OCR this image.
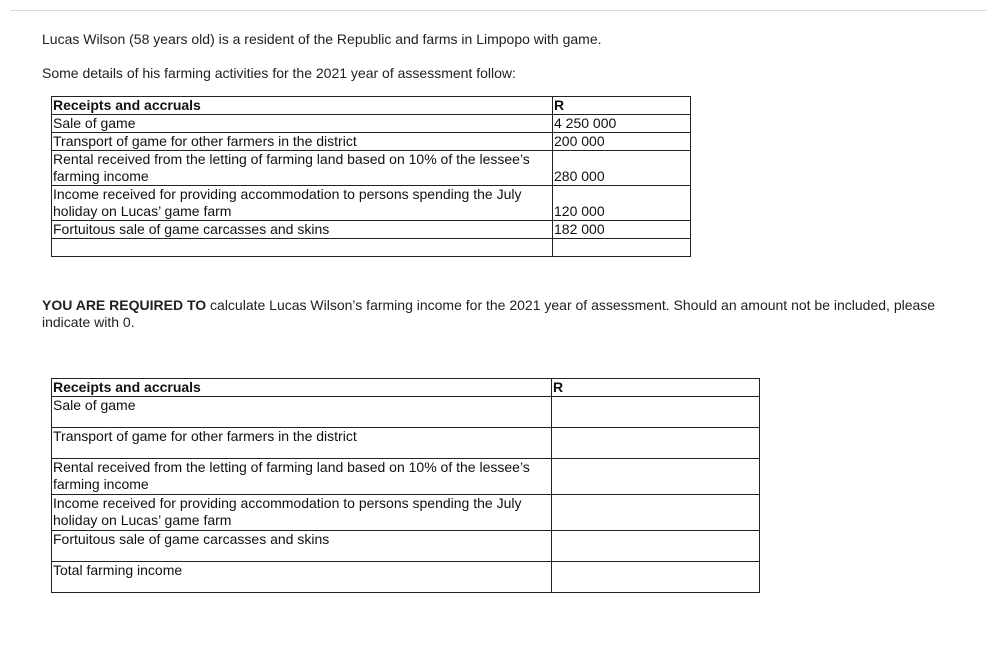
Lucas Wilson (58 years old) is a resident of the Republic and farms in Limpopo with game.

Some details of his farming activities for the 2021 year of assessment follow:

Receipts and accruals	R
Sale of game	4 250 000
Transport of game for other farmers in the district	200 000
Rental received from the letting of farming land based on 10% of the lessee’s farming income	280 000
Income received for providing accommodation to persons spending the July holiday on Lucas’ game farm	120 000
Fortuitous sale of game carcasses and skins	182 000

YOU ARE REQUIRED TO calculate Lucas Wilson’s farming income for the 2021 year of assessment. Should an amount not be included, please indicate with 0.

Receipts and accruals	R
Sale of game	

Transport of game for other farmers in the district	

Rental received from the letting of farming land based on 10% of the lessee’s farming income	

Income received for providing accommodation to persons spending the July holiday on Lucas’ game farm	

Fortuitous sale of game carcasses and skins	

Total farming income	
